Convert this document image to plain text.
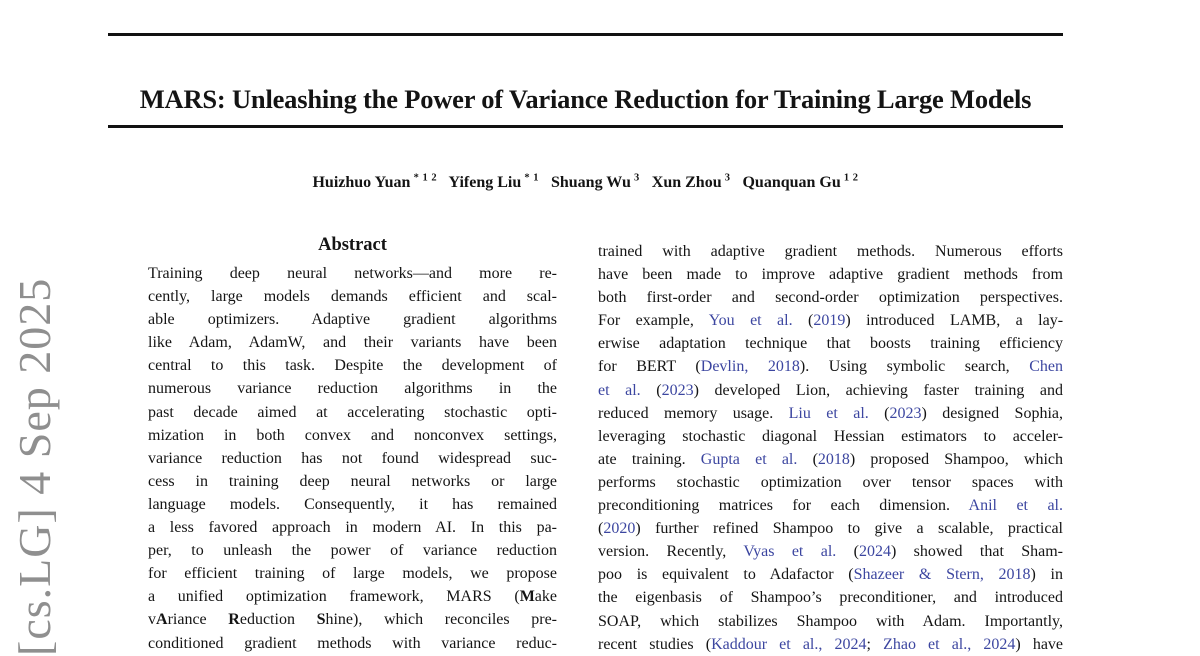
[cs.LG] 4 Sep 2025
MARS: Unleashing the Power of Variance Reduction for Training Large Models
Huizhuo Yuan $^{* 1 2}$   Yifeng Liu $^{* 1}$   Shuang Wu $^3$   Xun Zhou $^3$   Quanquan Gu $^{1 2}$
Abstract
Training deep neural networks—and more re-
cently, large models demands efficient and scal-
able optimizers. Adaptive gradient algorithms
like Adam, AdamW, and their variants have been
central to this task. Despite the development of
numerous variance reduction algorithms in the
past decade aimed at accelerating stochastic opti-
mization in both convex and nonconvex settings,
variance reduction has not found widespread suc-
cess in training deep neural networks or large
language models. Consequently, it has remained
a less favored approach in modern AI. In this pa-
per, to unleash the power of variance reduction
for efficient training of large models, we propose
a unified optimization framework, MARS (Make
vAriance Reduction Shine), which reconciles pre-
conditioned gradient methods with variance reduc-
trained with adaptive gradient methods. Numerous efforts
have been made to improve adaptive gradient methods from
both first-order and second-order optimization perspectives.
For example, You et al. (2019) introduced LAMB, a lay-
erwise adaptation technique that boosts training efficiency
for BERT (Devlin, 2018). Using symbolic search, Chen
et al. (2023) developed Lion, achieving faster training and
reduced memory usage. Liu et al. (2023) designed Sophia,
leveraging stochastic diagonal Hessian estimators to acceler-
ate training. Gupta et al. (2018) proposed Shampoo, which
performs stochastic optimization over tensor spaces with
preconditioning matrices for each dimension. Anil et al.
(2020) further refined Shampoo to give a scalable, practical
version. Recently, Vyas et al. (2024) showed that Sham-
poo is equivalent to Adafactor (Shazeer & Stern, 2018) in
the eigenbasis of Shampoo’s preconditioner, and introduced
SOAP, which stabilizes Shampoo with Adam. Importantly,
recent studies (Kaddour et al., 2024; Zhao et al., 2024) have
